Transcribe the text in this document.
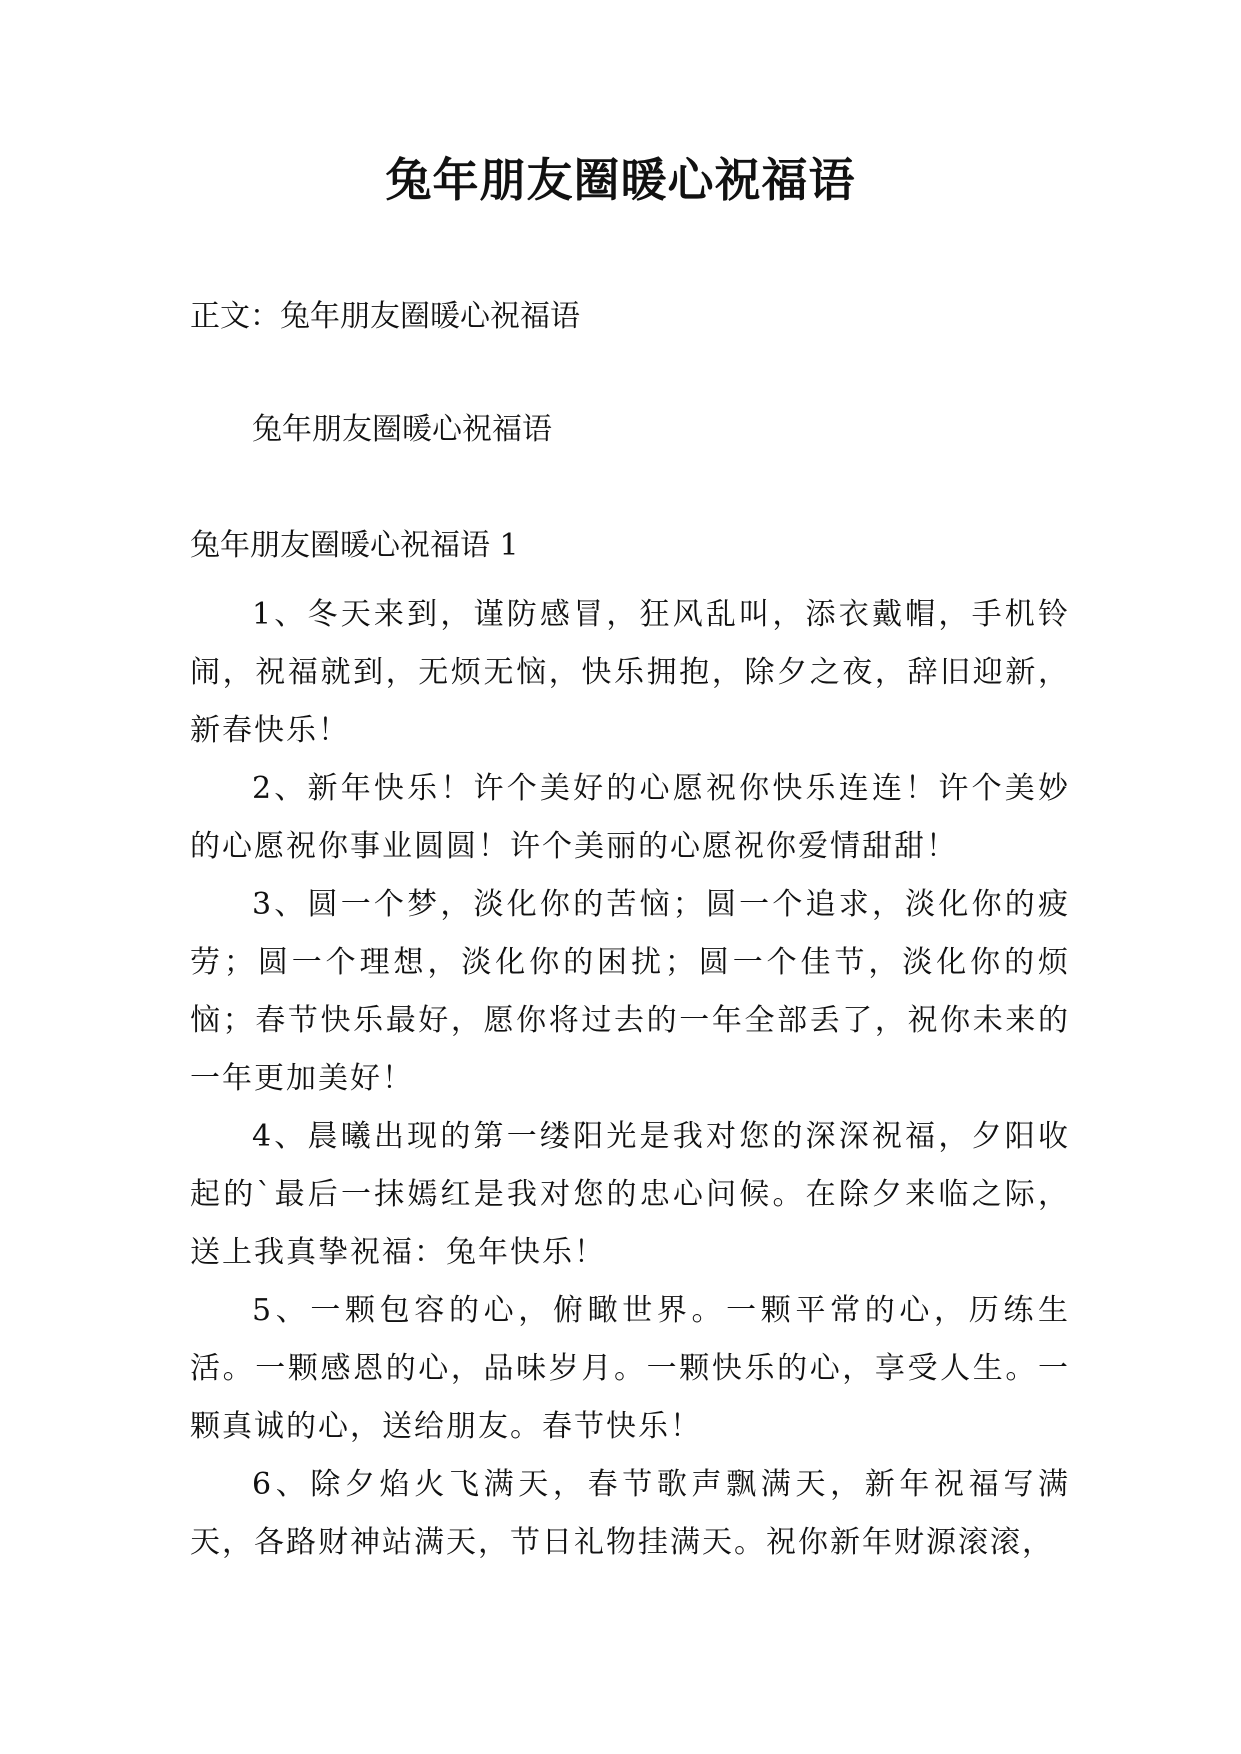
兔年朋友圈暖心祝福语
正文：兔年朋友圈暖心祝福语
兔年朋友圈暖心祝福语
兔年朋友圈暖心祝福语 1

1、冬天来到，谨防感冒，狂风乱叫，添衣戴帽，手机铃闹，祝福就到，无烦无恼，快乐拥抱，除夕之夜，辞旧迎新，新春快乐！

2、新年快乐！许个美好的心愿祝你快乐连连！许个美妙的心愿祝你事业圆圆！许个美丽的心愿祝你爱情甜甜！

3、圆一个梦，淡化你的苦恼；圆一个追求，淡化你的疲劳；圆一个理想，淡化你的困扰；圆一个佳节，淡化你的烦恼；春节快乐最好，愿你将过去的一年全部丢了，祝你未来的一年更加美好！

4、晨曦出现的第一缕阳光是我对您的深深祝福，夕阳收起的`最后一抹嫣红是我对您的忠心问候。在除夕来临之际，送上我真挚祝福：兔年快乐！

5、一颗包容的心，俯瞰世界。一颗平常的心，历练生活。一颗感恩的心，品味岁月。一颗快乐的心，享受人生。一颗真诚的心，送给朋友。春节快乐！

6、除夕焰火飞满天，春节歌声飘满天，新年祝福写满天，各路财神站满天，节日礼物挂满天。祝你新年财源滚滚，
